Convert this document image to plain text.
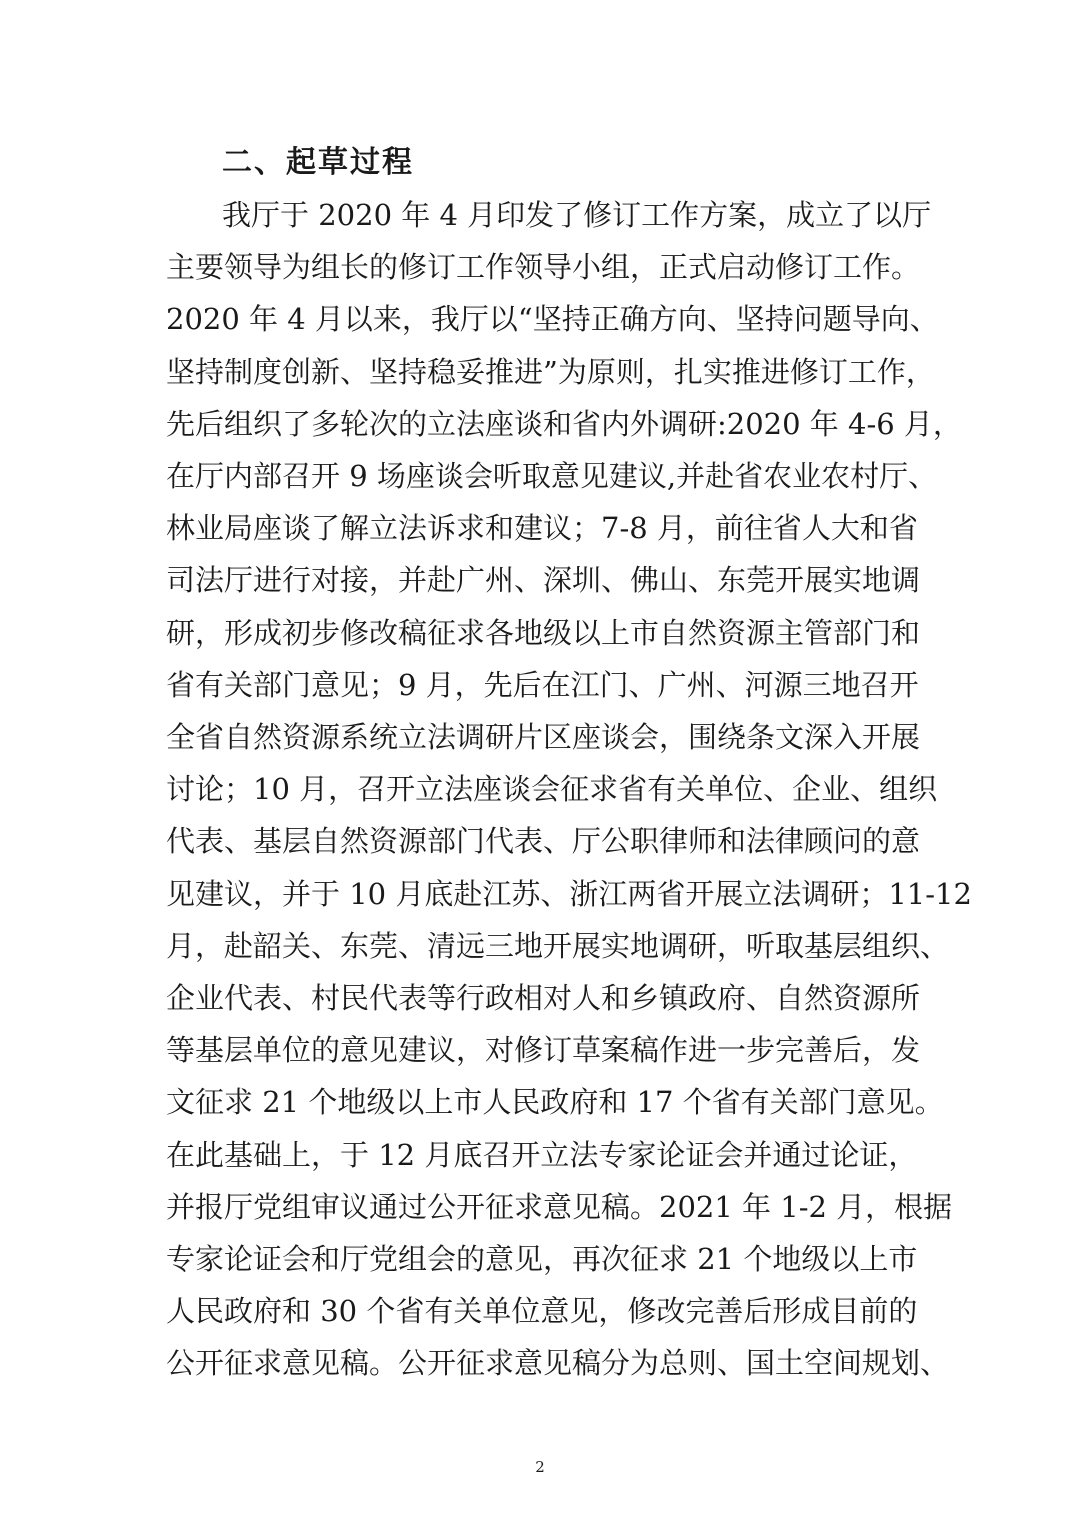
二、起草过程
我厅于 2020 年 4 月印发了修订工作方案，成立了以厅
主要领导为组长的修订工作领导小组，正式启动修订工作。
2020 年 4 月以来，我厅以“坚持正确方向、坚持问题导向、
坚持制度创新、坚持稳妥推进”为原则，扎实推进修订工作，
先后组织了多轮次的立法座谈和省内外调研:2020 年 4-6 月，
在厅内部召开 9 场座谈会听取意见建议,并赴省农业农村厅、
林业局座谈了解立法诉求和建议；7-8 月，前往省人大和省
司法厅进行对接，并赴广州、深圳、佛山、东莞开展实地调
研，形成初步修改稿征求各地级以上市自然资源主管部门和
省有关部门意见；9 月，先后在江门、广州、河源三地召开
全省自然资源系统立法调研片区座谈会，围绕条文深入开展
讨论；10 月，召开立法座谈会征求省有关单位、企业、组织
代表、基层自然资源部门代表、厅公职律师和法律顾问的意
见建议，并于 10 月底赴江苏、浙江两省开展立法调研；11-12
月，赴韶关、东莞、清远三地开展实地调研，听取基层组织、
企业代表、村民代表等行政相对人和乡镇政府、自然资源所
等基层单位的意见建议，对修订草案稿作进一步完善后，发
文征求 21 个地级以上市人民政府和 17 个省有关部门意见。
在此基础上，于 12 月底召开立法专家论证会并通过论证，
并报厅党组审议通过公开征求意见稿。2021 年 1-2 月，根据
专家论证会和厅党组会的意见，再次征求 21 个地级以上市
人民政府和 30 个省有关单位意见，修改完善后形成目前的
公开征求意见稿。公开征求意见稿分为总则、国土空间规划、
2
